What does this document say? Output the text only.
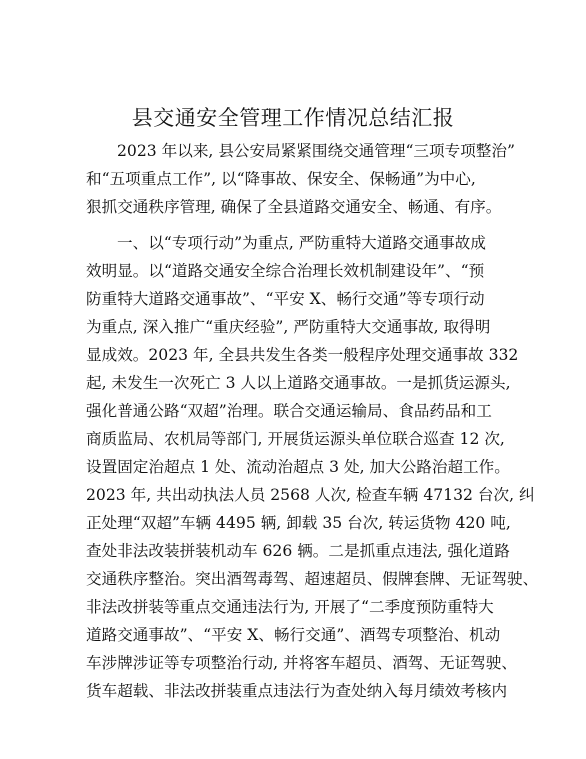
县交通安全管理工作情况总结汇报
2023 年以来, 县公安局紧紧围绕交通管理“三项专项整治”
和“五项重点工作”, 以“降事故、保安全、保畅通”为中心,
狠抓交通秩序管理, 确保了全县道路交通安全、畅通、有序。
一、以“专项行动”为重点, 严防重特大道路交通事故成
效明显。以“道路交通安全综合治理长效机制建设年”、“预
防重特大道路交通事故”、“平安 X、畅行交通”等专项行动
为重点, 深入推广“重庆经验”, 严防重特大交通事故, 取得明
显成效。2023 年, 全县共发生各类一般程序处理交通事故 332
起, 未发生一次死亡 3 人以上道路交通事故。一是抓货运源头,
强化普通公路“双超”治理。联合交通运输局、食品药品和工
商质监局、农机局等部门, 开展货运源头单位联合巡查 12 次,
设置固定治超点 1 处、流动治超点 3 处, 加大公路治超工作。
2023 年, 共出动执法人员 2568 人次, 检查车辆 47132 台次, 纠
正处理“双超”车辆 4495 辆, 卸载 35 台次, 转运货物 420 吨,
查处非法改装拼装机动车 626 辆。二是抓重点违法, 强化道路
交通秩序整治。突出酒驾毒驾、超速超员、假牌套牌、无证驾驶、
非法改拼装等重点交通违法行为, 开展了“二季度预防重特大
道路交通事故”、“平安 X、畅行交通”、酒驾专项整治、机动
车涉牌涉证等专项整治行动, 并将客车超员、酒驾、无证驾驶、
货车超载、非法改拼装重点违法行为查处纳入每月绩效考核内
